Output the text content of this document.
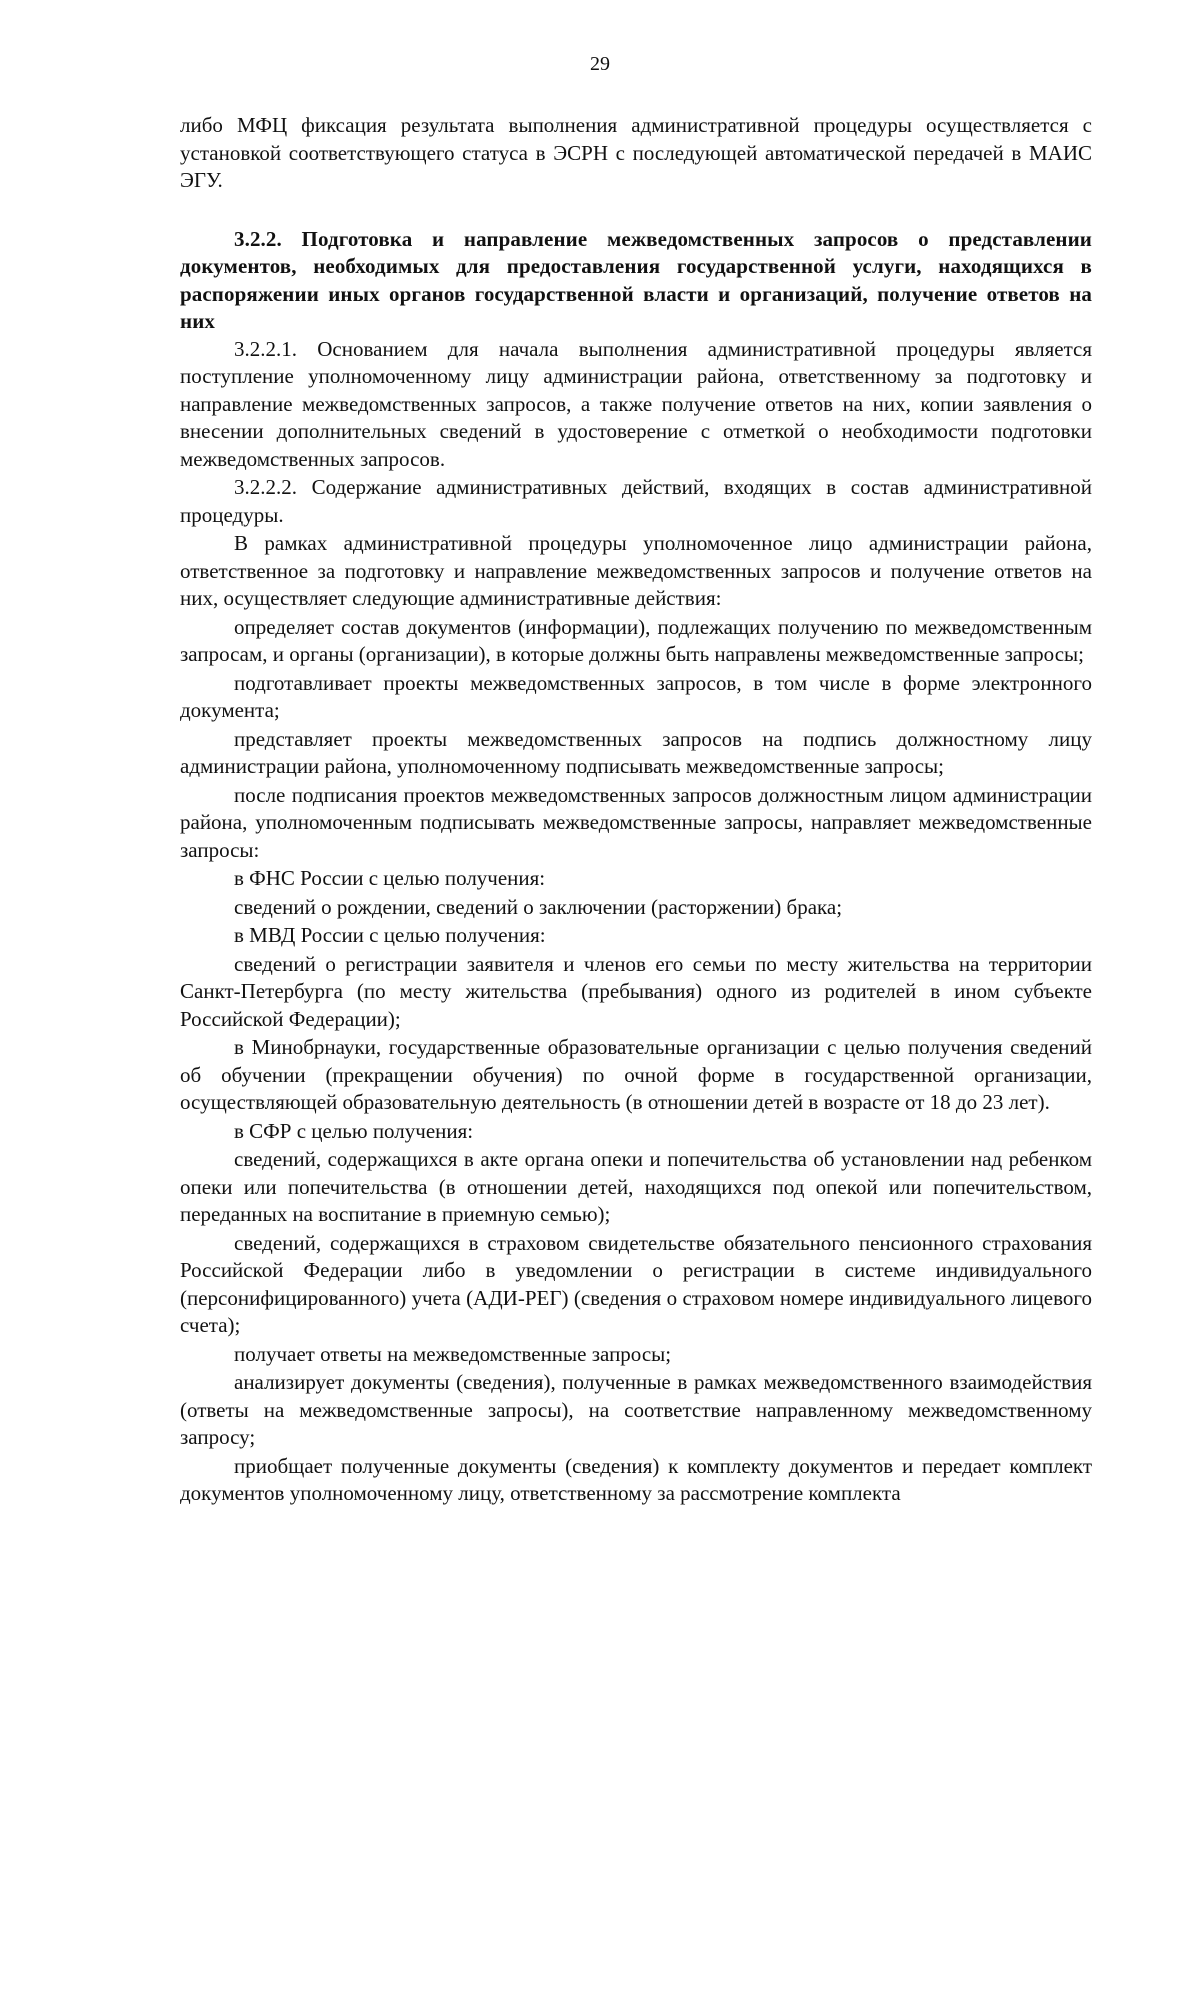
29

либо МФЦ фиксация результата выполнения административной процедуры осуществляется с установкой соответствующего статуса в ЭСРН с последующей автоматической передачей в МАИС ЭГУ.

3.2.2. Подготовка и направление межведомственных запросов о представлении документов, необходимых для предоставления государственной услуги, находящихся в распоряжении иных органов государственной власти и организаций, получение ответов на них

3.2.2.1. Основанием для начала выполнения административной процедуры является поступление уполномоченному лицу администрации района, ответственному за подготовку и направление межведомственных запросов, а также получение ответов на них, копии заявления о внесении дополнительных сведений в удостоверение с отметкой о необходимости подготовки межведомственных запросов.

3.2.2.2. Содержание административных действий, входящих в состав административной процедуры.

В рамках административной процедуры уполномоченное лицо администрации района, ответственное за подготовку и направление межведомственных запросов и получение ответов на них, осуществляет следующие административные действия:

определяет состав документов (информации), подлежащих получению по межведомственным запросам, и органы (организации), в которые должны быть направлены межведомственные запросы;

подготавливает проекты межведомственных запросов, в том числе в форме электронного документа;

представляет проекты межведомственных запросов на подпись должностному лицу администрации района, уполномоченному подписывать межведомственные запросы;

после подписания проектов межведомственных запросов должностным лицом администрации района, уполномоченным подписывать межведомственные запросы, направляет межведомственные запросы:

в ФНС России с целью получения:

сведений о рождении, сведений о заключении (расторжении) брака;

в МВД России с целью получения:

сведений о регистрации заявителя и членов его семьи по месту жительства на территории Санкт-Петербурга (по месту жительства (пребывания) одного из родителей в ином субъекте Российской Федерации);

в Минобрнауки, государственные образовательные организации с целью получения сведений об обучении (прекращении обучения) по очной форме в государственной организации, осуществляющей образовательную деятельность (в отношении детей в возрасте от 18 до 23 лет).

в СФР с целью получения:

сведений, содержащихся в акте органа опеки и попечительства об установлении над ребенком опеки или попечительства (в отношении детей, находящихся под опекой или попечительством, переданных на воспитание в приемную семью);

сведений, содержащихся в страховом свидетельстве обязательного пенсионного страхования Российской Федерации либо в уведомлении о регистрации в системе индивидуального (персонифицированного) учета (АДИ-РЕГ) (сведения о страховом номере индивидуального лицевого счета);

получает ответы на межведомственные запросы;

анализирует документы (сведения), полученные в рамках межведомственного взаимодействия (ответы на межведомственные запросы), на соответствие направленному межведомственному запросу;

приобщает полученные документы (сведения) к комплекту документов и передает комплект документов уполномоченному лицу, ответственному за рассмотрение комплекта
